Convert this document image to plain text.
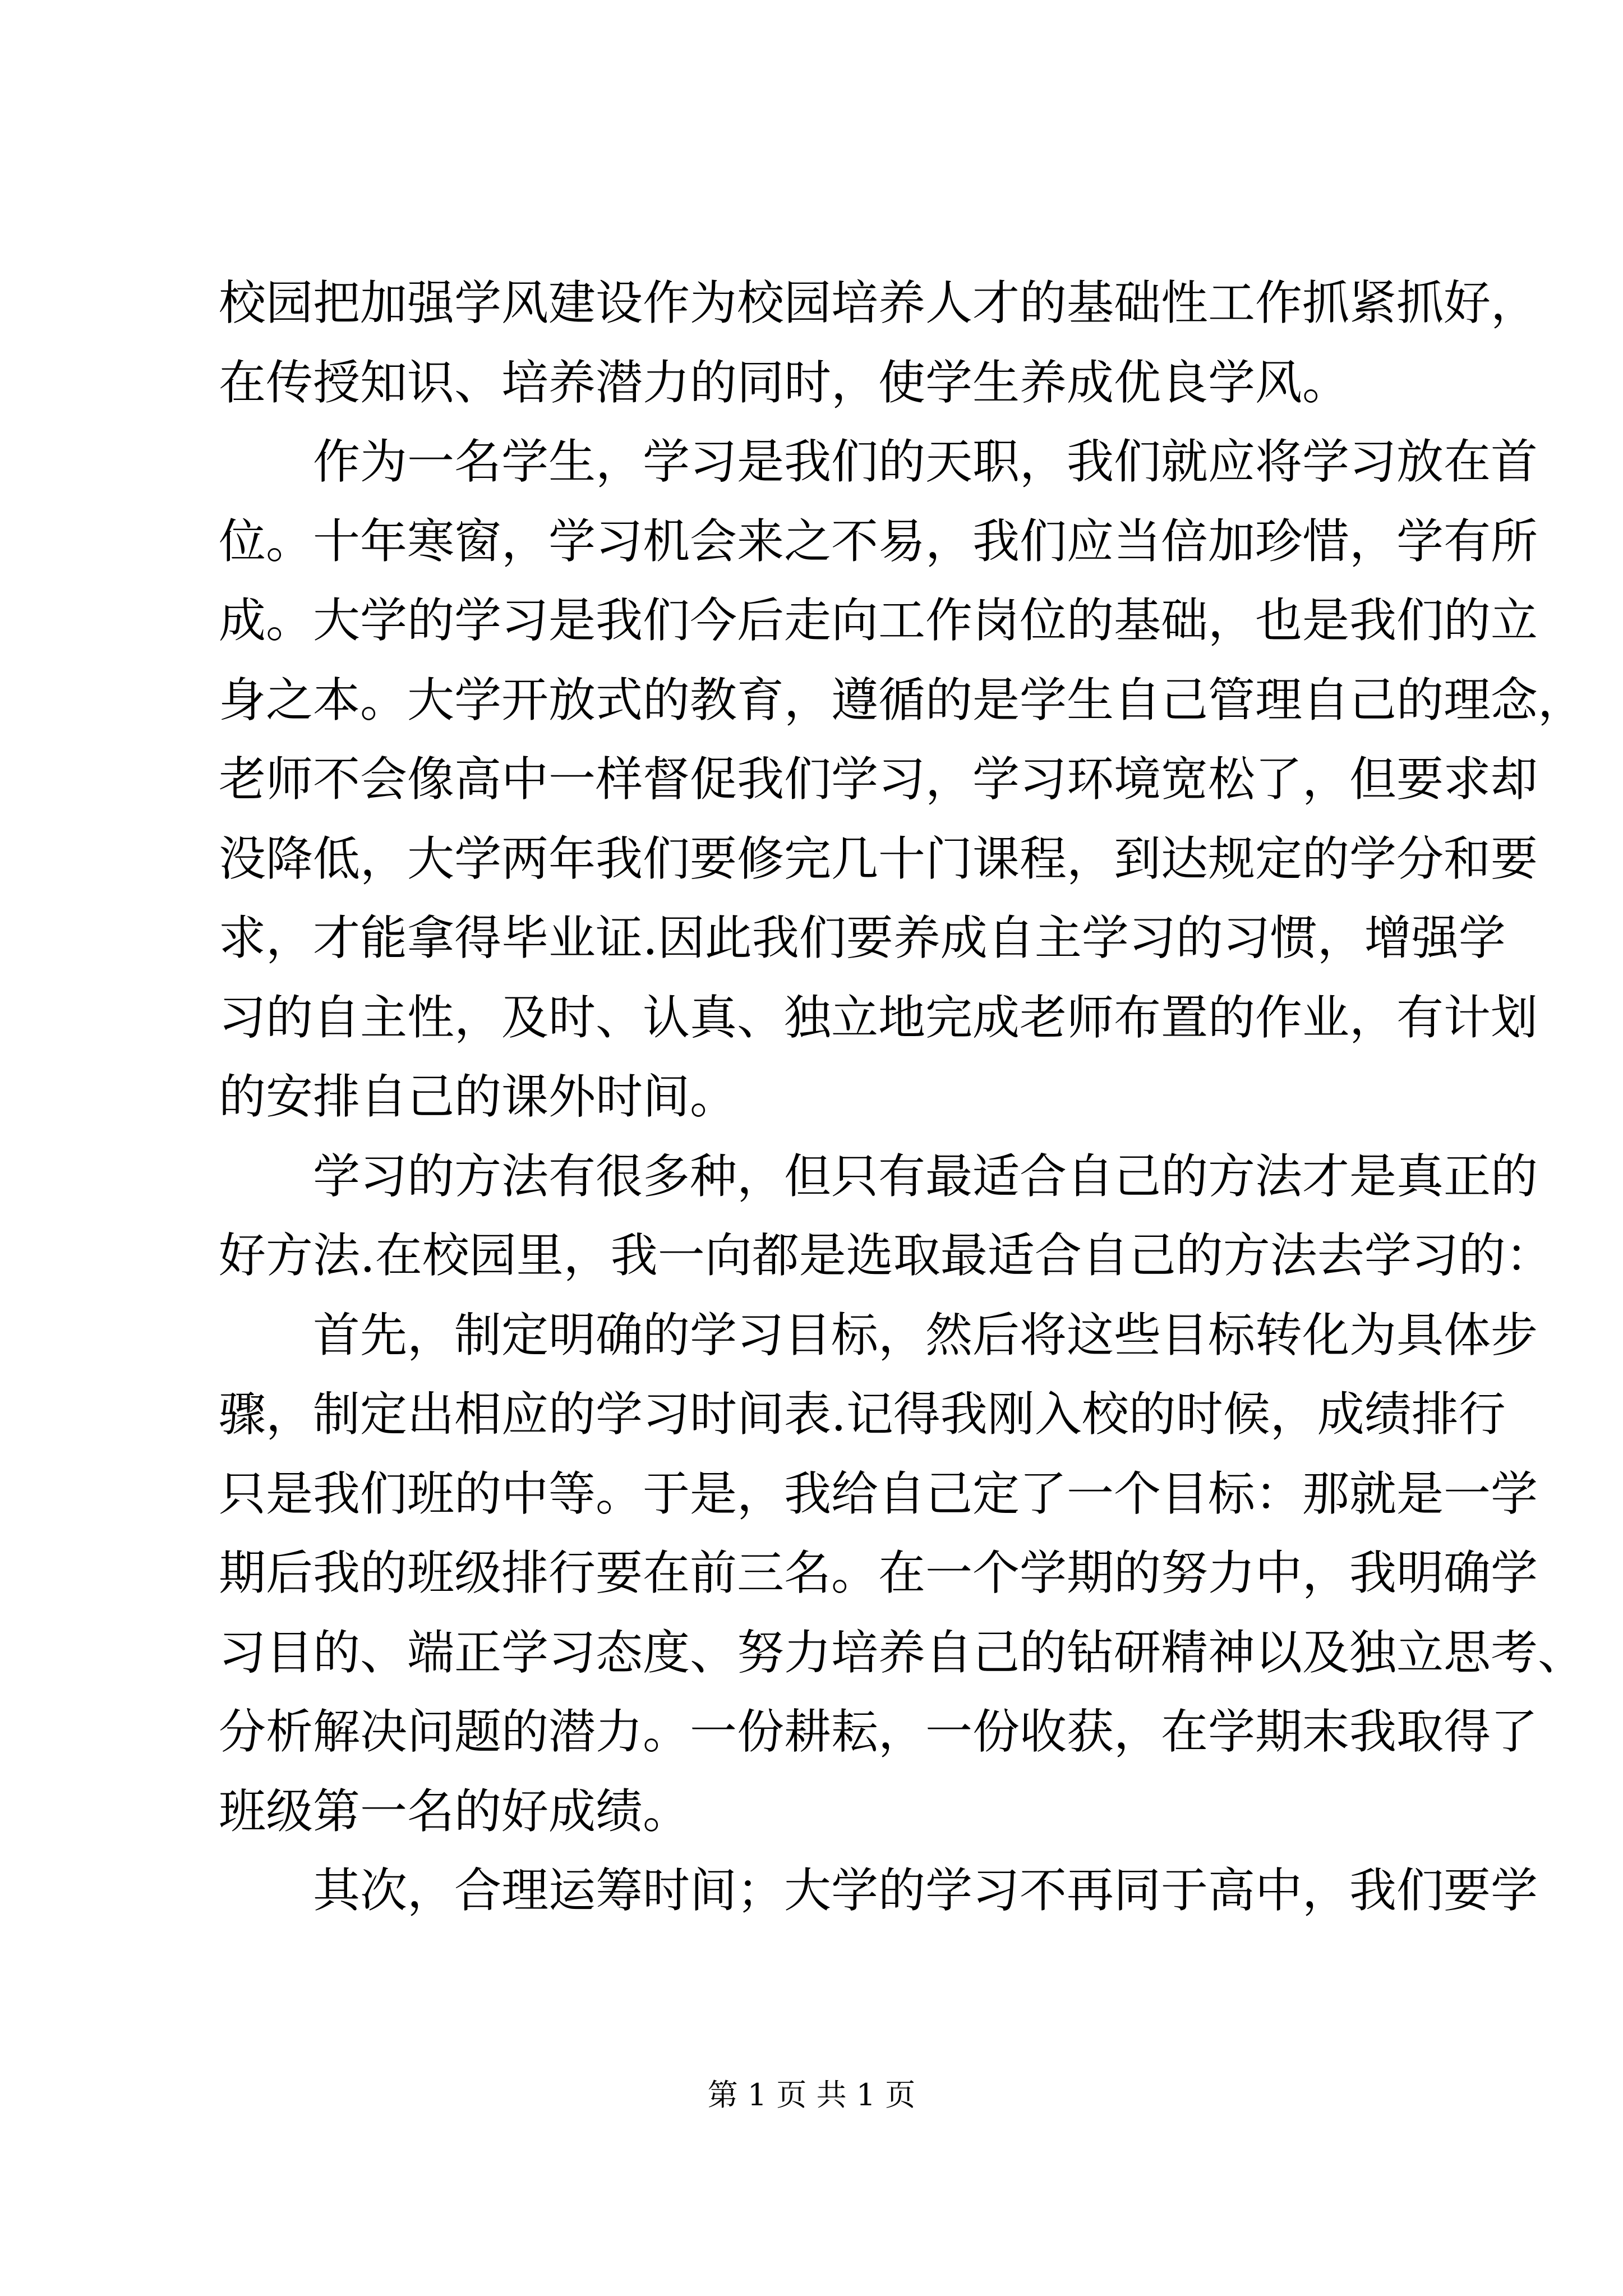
校园把加强学风建设作为校园培养人才的基础性工作抓紧抓好，
在传授知识、培养潜力的同时，使学生养成优良学风。
作为一名学生，学习是我们的天职，我们就应将学习放在首
位。十年寒窗，学习机会来之不易，我们应当倍加珍惜，学有所
成。大学的学习是我们今后走向工作岗位的基础，也是我们的立
身之本。大学开放式的教育，遵循的是学生自己管理自己的理念，
老师不会像高中一样督促我们学习，学习环境宽松了，但要求却
没降低，大学两年我们要修完几十门课程，到达规定的学分和要
求，才能拿得毕业证.因此我们要养成自主学习的习惯，增强学
习的自主性，及时、认真、独立地完成老师布置的作业，有计划
的安排自己的课外时间。
学习的方法有很多种，但只有最适合自己的方法才是真正的
好方法.在校园里，我一向都是选取最适合自己的方法去学习的：
首先，制定明确的学习目标，然后将这些目标转化为具体步
骤，制定出相应的学习时间表.记得我刚入校的时候，成绩排行
只是我们班的中等。于是，我给自己定了一个目标：那就是一学
期后我的班级排行要在前三名。在一个学期的努力中，我明确学
习目的、端正学习态度、努力培养自己的钻研精神以及独立思考、
分析解决问题的潜力。一份耕耘，一份收获，在学期末我取得了
班级第一名的好成绩。
其次，合理运筹时间；大学的学习不再同于高中，我们要学
第 1 页 共 1 页
